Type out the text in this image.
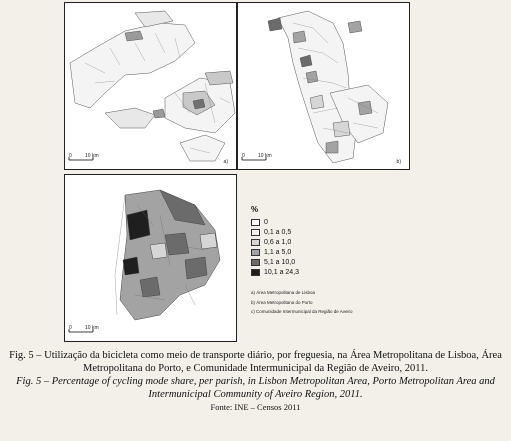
0	10 km
a)
0	10 km
b)
0	10 km
%
0
0,1 a 0,5
0,6 a 1,0
1,1 a 5,0
5,1 a 10,0
10,1 a 24,3
a) Área Metropolitana de Lisboa
b) Área Metropolitana do Porto
c) Comunidade Intermunicipal da Região de Aveiro

Fig. 5 – Utilização da bicicleta como meio de transporte diário, por freguesia, na Área Metropolitana de Lisboa, Área Metropolitana do Porto, e Comunidade Intermunicipal da Região de Aveiro, 2011.

Fig. 5 – Percentage of cycling mode share, per parish, in Lisbon Metropolitan Area, Porto Metropolitan Area and Intermunicipal Community of Aveiro Region, 2011.

Fonte: INE – Censos 2011
